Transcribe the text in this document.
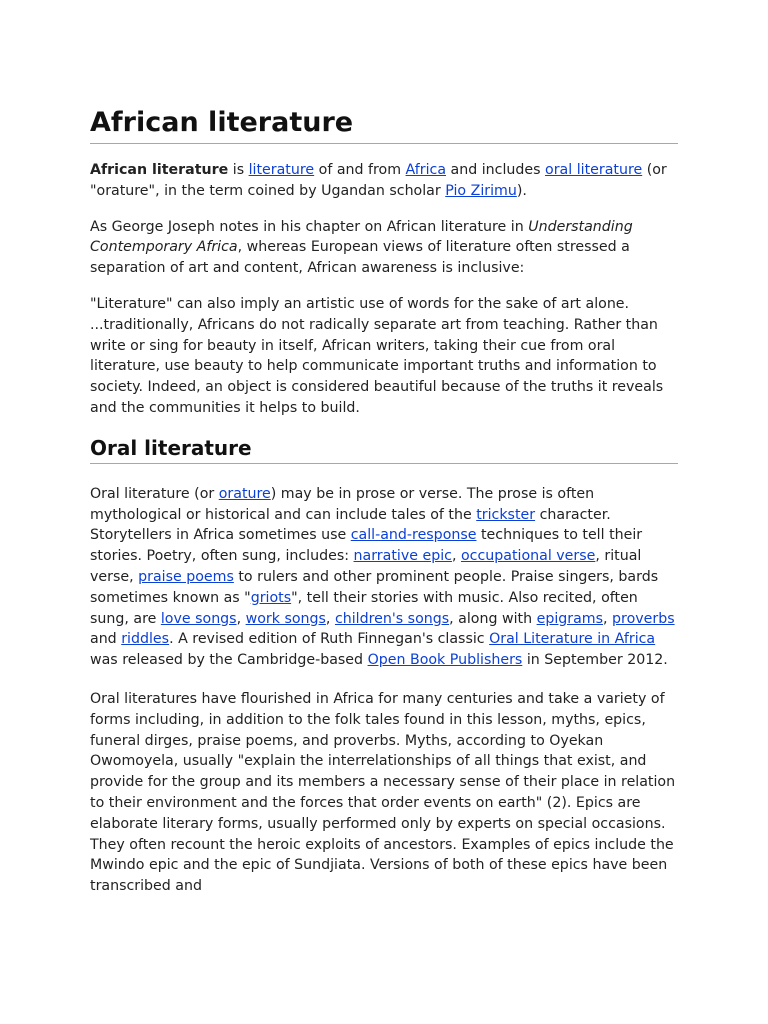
African literature

African literature is literature of and from Africa and includes oral literature (or "orature", in the term coined by Ugandan scholar Pio Zirimu).

As George Joseph notes in his chapter on African literature in Understanding Contemporary Africa, whereas European views of literature often stressed a separation of art and content, African awareness is inclusive:

"Literature" can also imply an artistic use of words for the sake of art alone. ...traditionally, Africans do not radically separate art from teaching. Rather than write or sing for beauty in itself, African writers, taking their cue from oral literature, use beauty to help communicate important truths and information to society. Indeed, an object is considered beautiful because of the truths it reveals and the communities it helps to build.

Oral literature

Oral literature (or orature) may be in prose or verse. The prose is often mythological or historical and can include tales of the trickster character. Storytellers in Africa sometimes use call-and-response techniques to tell their stories. Poetry, often sung, includes: narrative epic, occupational verse, ritual verse, praise poems to rulers and other prominent people. Praise singers, bards sometimes known as "griots", tell their stories with music. Also recited, often sung, are love songs, work songs, children's songs, along with epigrams, proverbs and riddles. A revised edition of Ruth Finnegan's classic Oral Literature in Africa was released by the Cambridge-based Open Book Publishers in September 2012.

Oral literatures have flourished in Africa for many centuries and take a variety of forms including, in addition to the folk tales found in this lesson, myths, epics, funeral dirges, praise poems, and proverbs. Myths, according to Oyekan Owomoyela, usually "explain the interrelationships of all things that exist, and provide for the group and its members a necessary sense of their place in relation to their environment and the forces that order events on earth" (2). Epics are elaborate literary forms, usually performed only by experts on special occasions. They often recount the heroic exploits of ancestors. Examples of epics include the Mwindo epic and the epic of Sundjiata. Versions of both of these epics have been transcribed and
